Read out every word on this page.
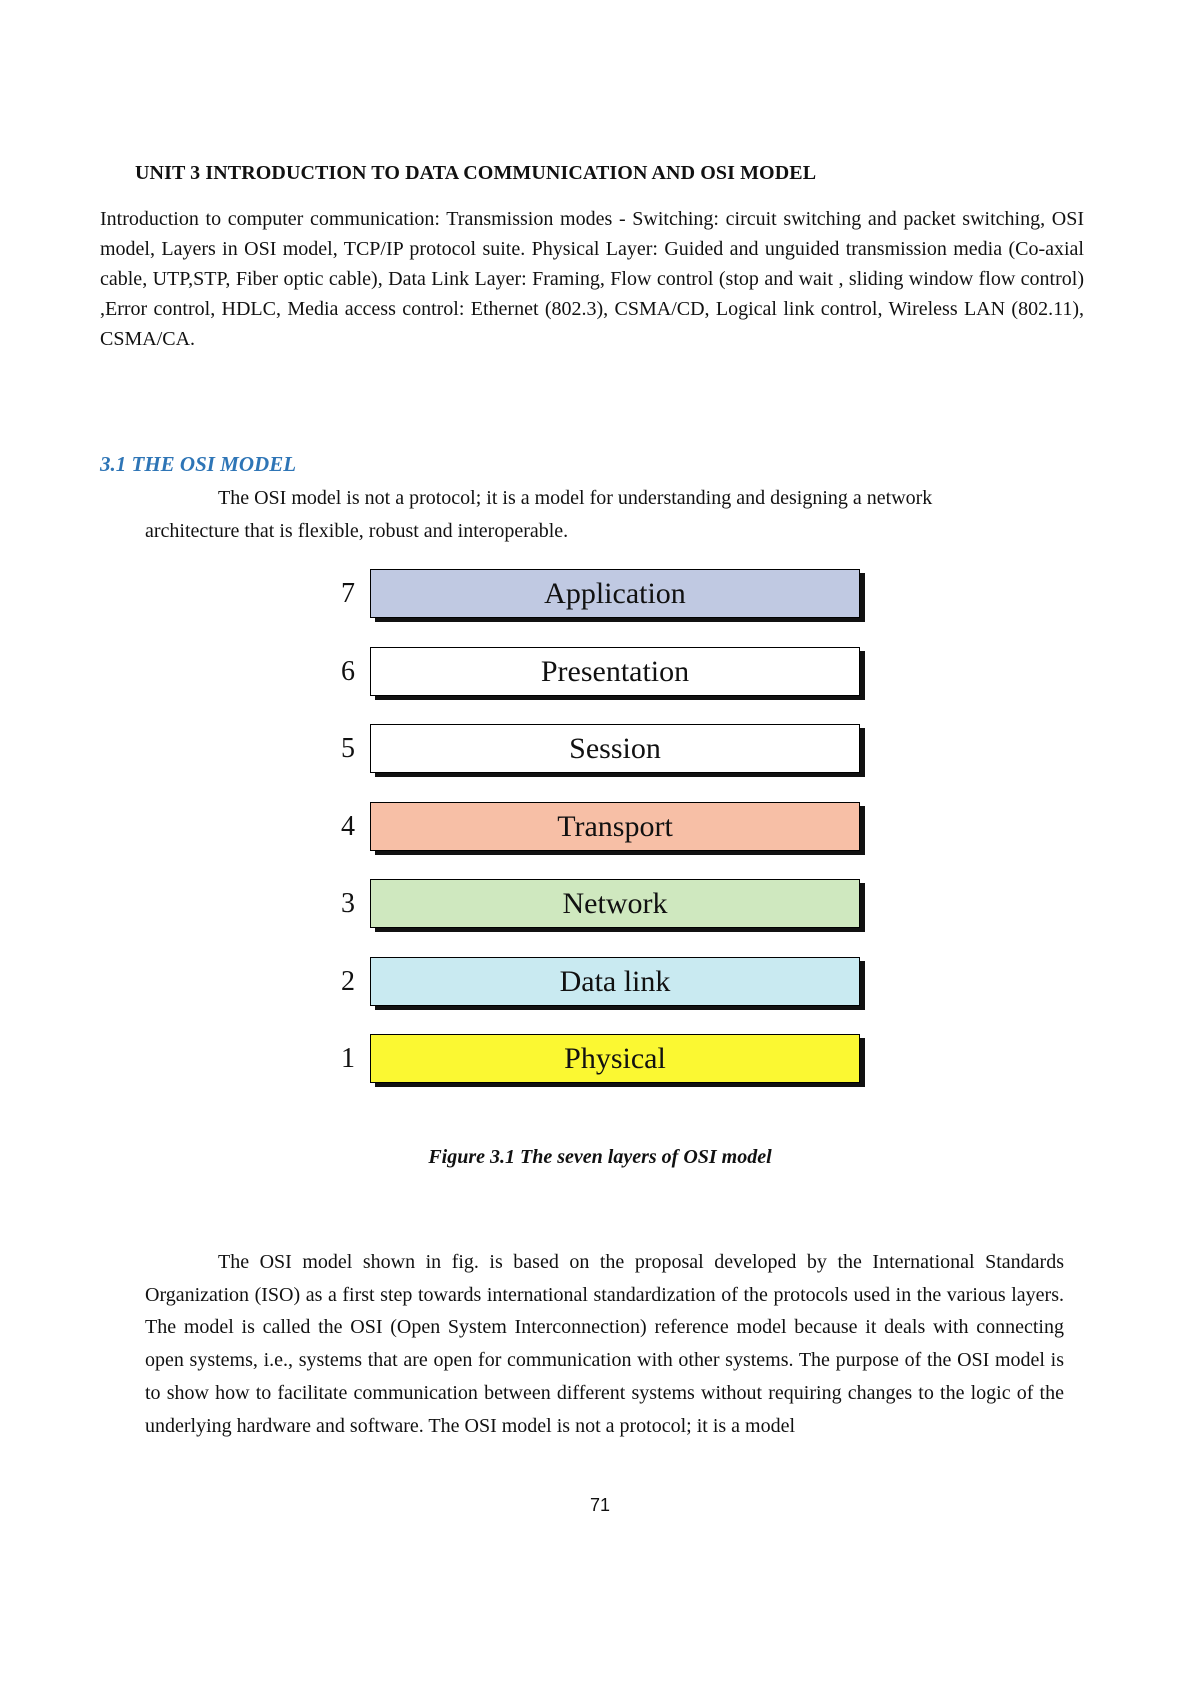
UNIT 3 INTRODUCTION TO DATA COMMUNICATION AND OSI MODEL

Introduction to computer communication: Transmission modes - Switching: circuit switching and packet switching, OSI model, Layers in OSI model, TCP/IP protocol suite. Physical Layer: Guided and unguided transmission media (Co-axial cable, UTP,STP, Fiber optic cable), Data Link Layer: Framing, Flow control (stop and wait , sliding window flow control) ,Error control, HDLC, Media access control: Ethernet (802.3), CSMA/CD, Logical link control, Wireless LAN (802.11), CSMA/CA.

3.1 THE OSI MODEL

The OSI model is not a protocol; it is a model for understanding and designing a network architecture that is flexible, robust and interoperable.

7	Application
6	Presentation
5	Session
4	Transport
3	Network
2	Data link
1	Physical
Figure 3.1 The seven layers of OSI model

The OSI model shown in fig. is based on the proposal developed by the International Standards Organization (ISO) as a first step towards international standardization of the protocols used in the various layers. The model is called the OSI (Open System Interconnection) reference model because it deals with connecting open systems, i.e., systems that are open for communication with other systems. The purpose of the OSI model is to show how to facilitate communication between different systems without requiring changes to the logic of the underlying hardware and software. The OSI model is not a protocol; it is a model

71
